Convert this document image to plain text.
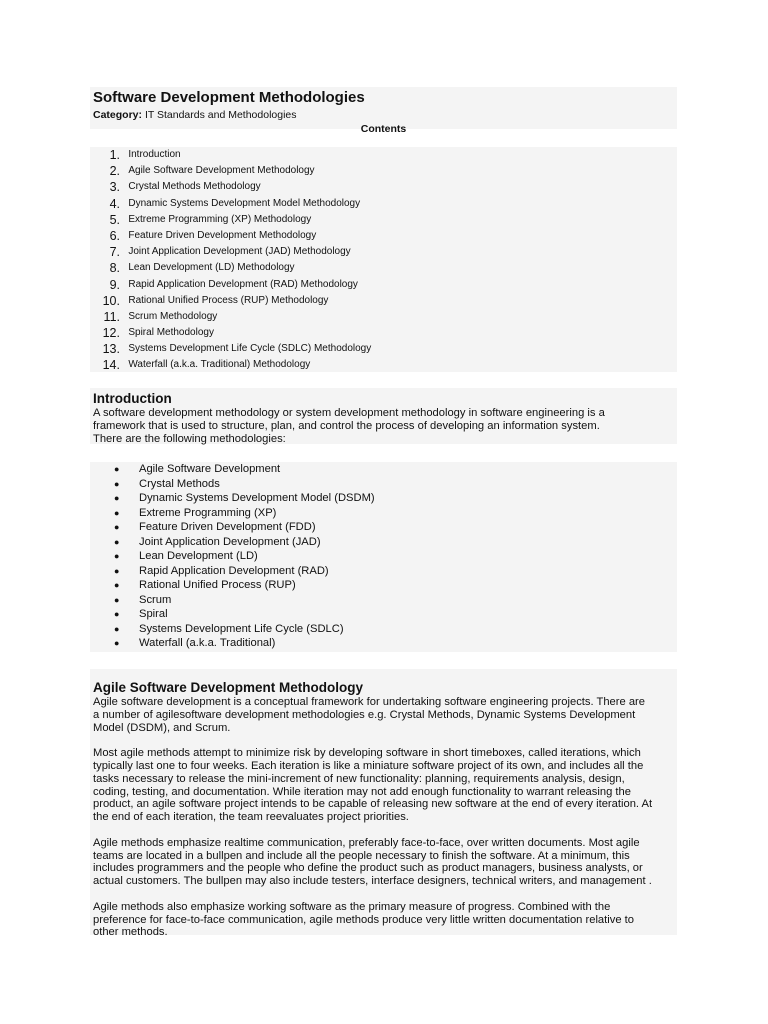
Software Development Methodologies
Category: IT Standards and Methodologies
Contents
1.
Introduction
2.
Agile Software Development Methodology
3.
Crystal Methods Methodology
4.
Dynamic Systems Development Model Methodology
5.
Extreme Programming (XP) Methodology
6.
Feature Driven Development Methodology
7.
Joint Application Development (JAD) Methodology
8.
Lean Development (LD) Methodology
9.
Rapid Application Development (RAD) Methodology
10.
Rational Unified Process (RUP) Methodology
11.
Scrum Methodology
12.
Spiral Methodology
13.
Systems Development Life Cycle (SDLC) Methodology
14.
Waterfall (a.k.a. Traditional) Methodology
Introduction
A software development methodology or system development methodology in software engineering is a
framework that is used to structure, plan, and control the process of developing an information system.
There are the following methodologies:
●	Agile Software Development
●	Crystal Methods
●	Dynamic Systems Development Model (DSDM)
●	Extreme Programming (XP)
●	Feature Driven Development (FDD)
●	Joint Application Development (JAD)
●	Lean Development (LD)
●	Rapid Application Development (RAD)
●	Rational Unified Process (RUP)
●	Scrum
●	Spiral
●	Systems Development Life Cycle (SDLC)
●	Waterfall (a.k.a. Traditional)
Agile Software Development Methodology
Agile software development is a conceptual framework for undertaking software engineering projects. There are
a number of agilesoftware development methodologies e.g. Crystal Methods, Dynamic Systems Development
Model (DSDM), and Scrum.
Most agile methods attempt to minimize risk by developing software in short timeboxes, called iterations, which
typically last one to four weeks. Each iteration is like a miniature software project of its own, and includes all the
tasks necessary to release the mini-increment of new functionality: planning, requirements analysis, design,
coding, testing, and documentation. While iteration may not add enough functionality to warrant releasing the
product, an agile software project intends to be capable of releasing new software at the end of every iteration. At
the end of each iteration, the team reevaluates project priorities.
Agile methods emphasize realtime communication, preferably face-to-face, over written documents. Most agile
teams are located in a bullpen and include all the people necessary to finish the software. At a minimum, this
includes programmers and the people who define the product such as product managers, business analysts, or
actual customers. The bullpen may also include testers, interface designers, technical writers, and management .
Agile methods also emphasize working software as the primary measure of progress. Combined with the
preference for face-to-face communication, agile methods produce very little written documentation relative to
other methods.
